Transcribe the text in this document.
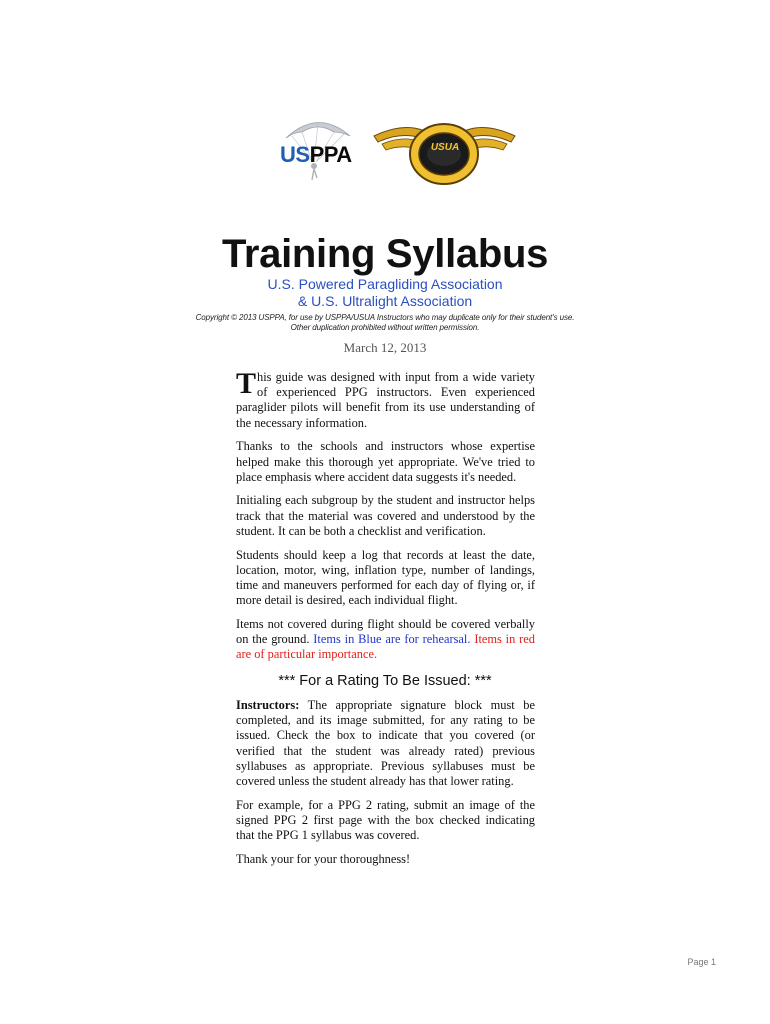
USPPA	USUA
Training Syllabus
U.S. Powered Paragliding Association
& U.S. Ultralight Association
Copyright © 2013 USPPA, for use by USPPA/USUA Instructors who may duplicate only for their student's use.
Other duplication prohibited without written permission.
March 12, 2013

This guide was designed with input from a wide variety of experienced PPG instructors. Even experienced paraglider pilots will benefit from its use understanding of the necessary information.

Thanks to the schools and instructors whose expertise helped make this thorough yet appropriate. We've tried to place emphasis where accident data suggests it's needed.

Initialing each subgroup by the student and instructor helps track that the material was covered and understood by the student. It can be both a checklist and verification.

Students should keep a log that records at least the date, location, motor, wing, inflation type, number of landings, time and maneuvers performed for each day of flying or, if more detail is desired, each individual flight.

Items not covered during flight should be covered verbally on the ground. Items in Blue are for rehearsal. Items in red are of particular importance.

*** For a Rating To Be Issued: ***

Instructors: The appropriate signature block must be completed, and its image submitted, for any rating to be issued. Check the box to indicate that you covered (or verified that the student was already rated) previous syllabuses as appropriate. Previous syllabuses must be covered unless the student already has that lower rating.

For example, for a PPG 2 rating, submit an image of the signed PPG 2 first page with the box checked indicating that the PPG 1 syllabus was covered.

Thank your for your thoroughness!

Page 1
